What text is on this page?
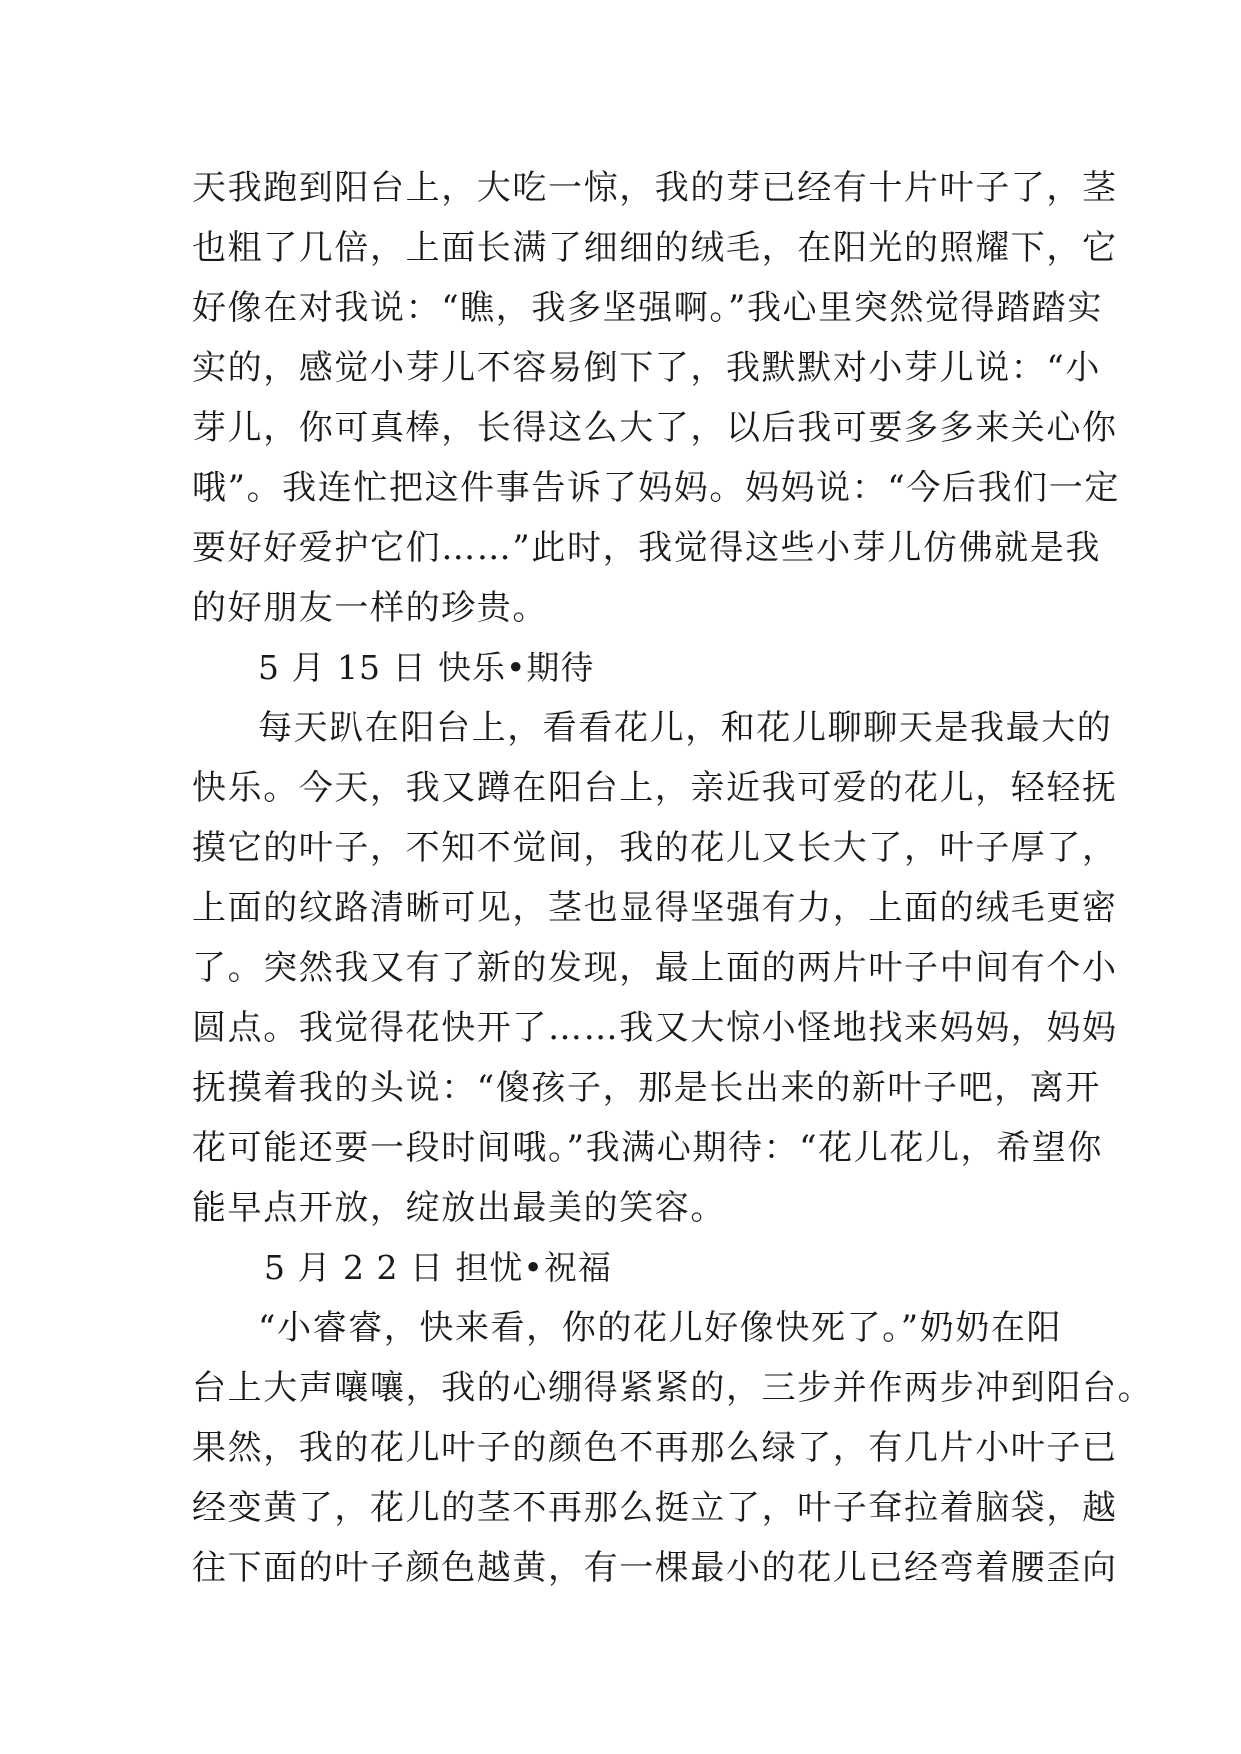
天我跑到阳台上，大吃一惊，我的芽已经有十片叶子了，茎
也粗了几倍，上面长满了细细的绒毛，在阳光的照耀下，它
好像在对我说：“瞧，我多坚强啊。”我心里突然觉得踏踏实
实的，感觉小芽儿不容易倒下了，我默默对小芽儿说：“小
芽儿，你可真棒，长得这么大了，以后我可要多多来关心你
哦”。我连忙把这件事告诉了妈妈。妈妈说：“今后我们一定
要好好爱护它们……”此时，我觉得这些小芽儿仿佛就是我
的好朋友一样的珍贵。
5 月 15 日 快乐•期待
每天趴在阳台上，看看花儿，和花儿聊聊天是我最大的
快乐。今天，我又蹲在阳台上，亲近我可爱的花儿，轻轻抚
摸它的叶子，不知不觉间，我的花儿又长大了，叶子厚了，
上面的纹路清晰可见，茎也显得坚强有力，上面的绒毛更密
了。突然我又有了新的发现，最上面的两片叶子中间有个小
圆点。我觉得花快开了……我又大惊小怪地找来妈妈，妈妈
抚摸着我的头说：“傻孩子，那是长出来的新叶子吧，离开
花可能还要一段时间哦。”我满心期待：“花儿花儿，希望你
能早点开放，绽放出最美的笑容。
5 月 2 2 日 担忧•祝福
“小睿睿，快来看，你的花儿好像快死了。”奶奶在阳
台上大声嚷嚷，我的心绷得紧紧的，三步并作两步冲到阳台。
果然，我的花儿叶子的颜色不再那么绿了，有几片小叶子已
经变黄了，花儿的茎不再那么挺立了，叶子耷拉着脑袋，越
往下面的叶子颜色越黄，有一棵最小的花儿已经弯着腰歪向
